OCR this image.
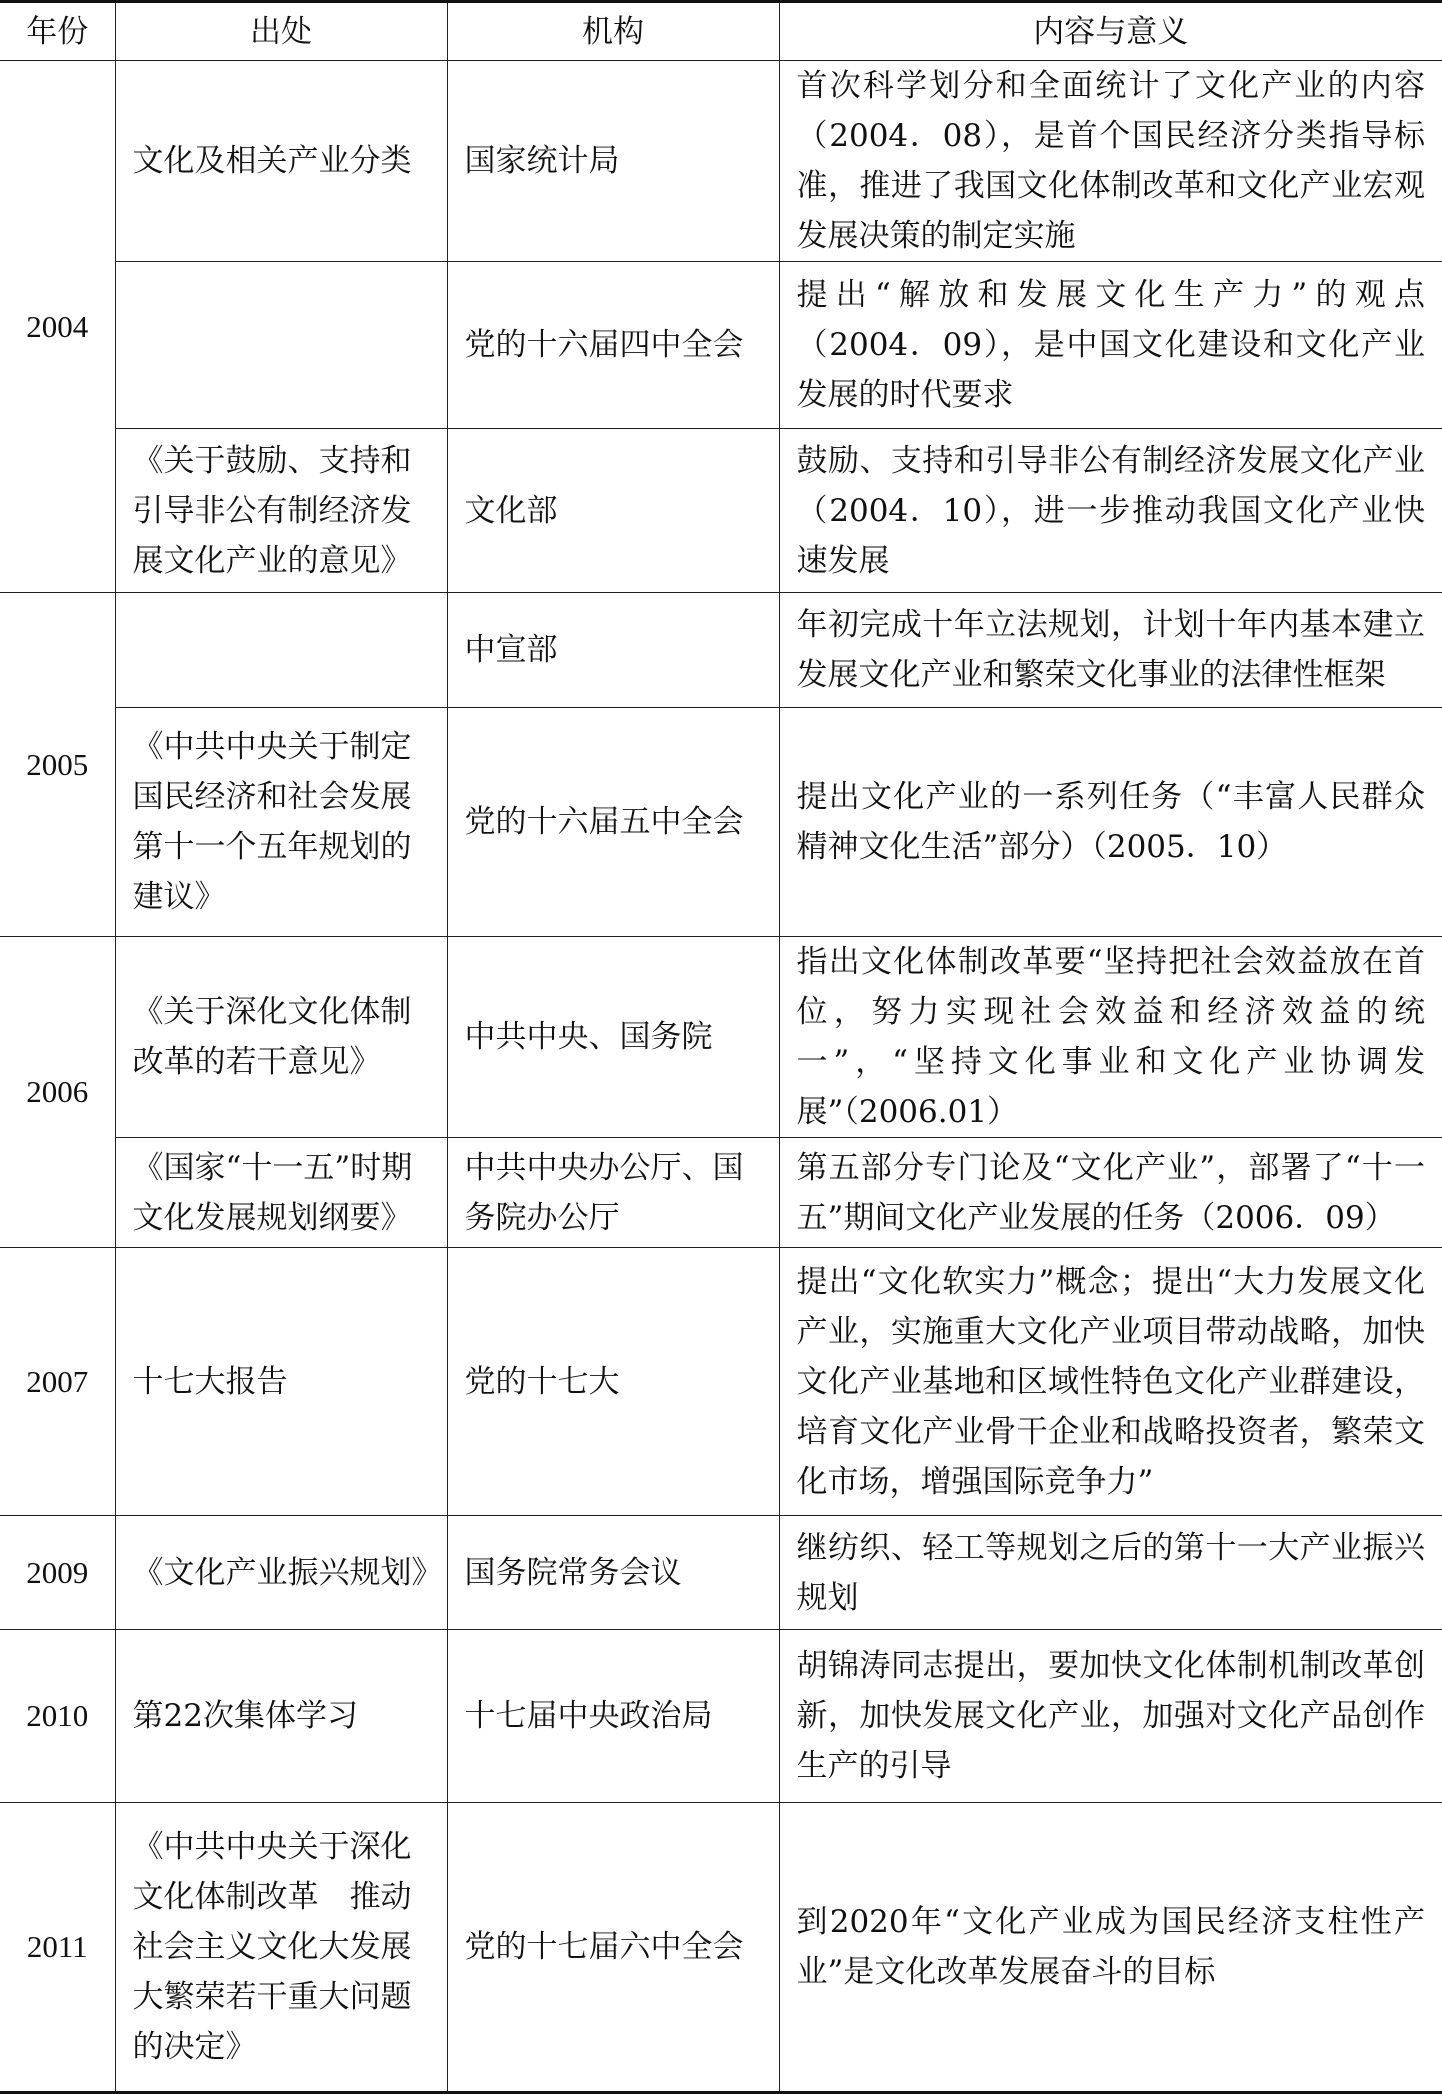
年份	出处	机构	内容与意义
2004	文化及相关产业分类	国家统计局	首次科学划分和全面统计了文化产业的内容（2004．08），是首个国民经济分类指导标准，推进了我国文化体制改革和文化产业宏观发展决策的制定实施
		党的十六届四中全会	提出“解放和发展文化生产力”的观点（2004．09），是中国文化建设和文化产业发展的时代要求
	《关于鼓励、支持和引导非公有制经济发展文化产业的意见》	文化部	鼓励、支持和引导非公有制经济发展文化产业（2004．10），进一步推动我国文化产业快速发展
2005		中宣部	年初完成十年立法规划，计划十年内基本建立发展文化产业和繁荣文化事业的法律性框架
	《中共中央关于制定国民经济和社会发展第十一个五年规划的建议》	党的十六届五中全会	提出文化产业的一系列任务（“丰富人民群众精神文化生活”部分）（2005．10）
2006	《关于深化文化体制改革的若干意见》	中共中央、国务院	指出文化体制改革要“坚持把社会效益放在首位，努力实现社会效益和经济效益的统一”，“坚持文化事业和文化产业协调发展”（2006.01）
	《国家“十一五”时期文化发展规划纲要》	中共中央办公厅、国务院办公厅	第五部分专门论及“文化产业”，部署了“十一五”期间文化产业发展的任务（2006．09）
2007	十七大报告	党的十七大	提出“文化软实力”概念；提出“大力发展文化产业，实施重大文化产业项目带动战略，加快文化产业基地和区域性特色文化产业群建设，培育文化产业骨干企业和战略投资者，繁荣文化市场，增强国际竞争力”
2009	《文化产业振兴规划》	国务院常务会议	继纺织、轻工等规划之后的第十一大产业振兴规划
2010	第22次集体学习	十七届中央政治局	胡锦涛同志提出，要加快文化体制机制改革创新，加快发展文化产业，加强对文化产品创作生产的引导
2011	《中共中央关于深化文化体制改革　推动社会主义文化大发展大繁荣若干重大问题的决定》	党的十七届六中全会	到2020年“文化产业成为国民经济支柱性产业”是文化改革发展奋斗的目标
